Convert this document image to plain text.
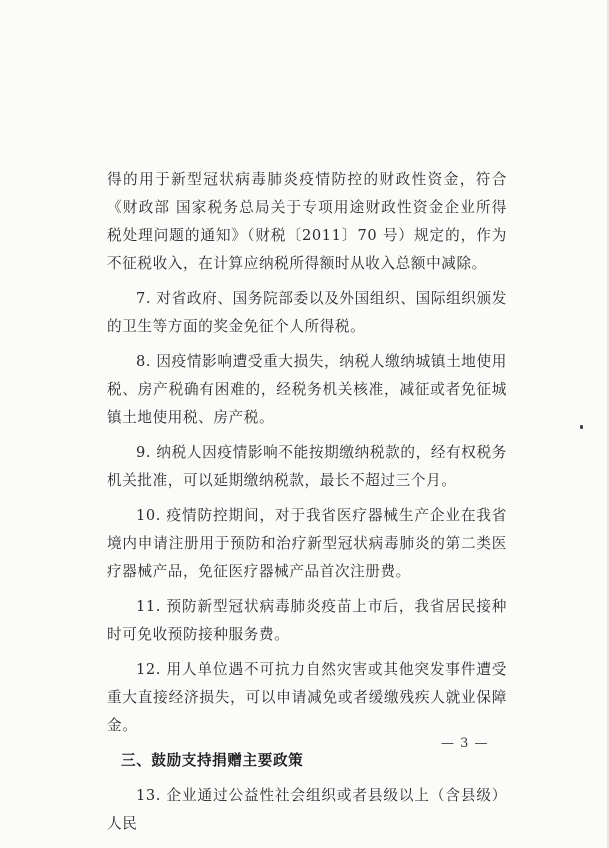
得的用于新型冠状病毒肺炎疫情防控的财政性资金，符合《财政部 国家税务总局关于专项用途财政性资金企业所得税处理问题的通知》（财税〔2011〕70 号）规定的，作为不征税收入，在计算应纳税所得额时从收入总额中减除。

7. 对省政府、国务院部委以及外国组织、国际组织颁发的卫生等方面的奖金免征个人所得税。

8. 因疫情影响遭受重大损失，纳税人缴纳城镇土地使用税、房产税确有困难的，经税务机关核准，减征或者免征城镇土地使用税、房产税。

9. 纳税人因疫情影响不能按期缴纳税款的，经有权税务机关批准，可以延期缴纳税款，最长不超过三个月。

10. 疫情防控期间，对于我省医疗器械生产企业在我省境内申请注册用于预防和治疗新型冠状病毒肺炎的第二类医疗器械产品，免征医疗器械产品首次注册费。

11. 预防新型冠状病毒肺炎疫苗上市后，我省居民接种时可免收预防接种服务费。

12. 用人单位遇不可抗力自然灾害或其他突发事件遭受重大直接经济损失，可以申请减免或者缓缴残疾人就业保障金。

三、鼓励支持捐赠主要政策

13. 企业通过公益性社会组织或者县级以上（含县级）人民

— 3 —
